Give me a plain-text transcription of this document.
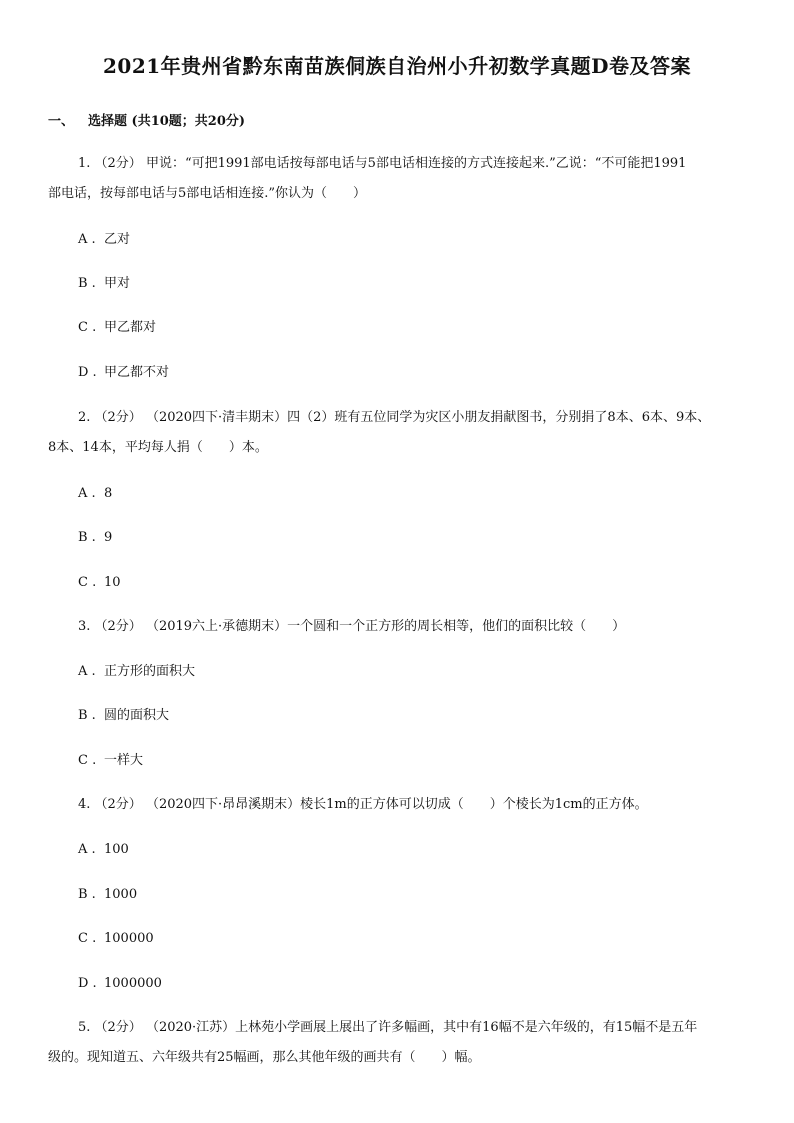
2021年贵州省黔东南苗族侗族自治州小升初数学真题D卷及答案
一、 选择题 (共10题；共20分)
1. （2分） 甲说：“可把1991部电话按每部电话与5部电话相连接的方式连接起来.”乙说：“不可能把1991
部电话，按每部电话与5部电话相连接.”你认为（　　）
A . 乙对
B . 甲对
C . 甲乙都对
D . 甲乙都不对
2. （2分） （2020四下·清丰期末）四（2）班有五位同学为灾区小朋友捐献图书，分别捐了8本、6本、9本、
8本、14本，平均每人捐（　　）本。
A . 8
B . 9
C . 10
3. （2分） （2019六上·承德期末）一个圆和一个正方形的周长相等，他们的面积比较（　　）
A . 正方形的面积大
B . 圆的面积大
C . 一样大
4. （2分） （2020四下·昂昂溪期末）棱长1m的正方体可以切成（　　）个棱长为1cm的正方体。
A . 100
B . 1000
C . 100000
D . 1000000
5. （2分） （2020·江苏）上林苑小学画展上展出了许多幅画，其中有16幅不是六年级的，有15幅不是五年
级的。现知道五、六年级共有25幅画，那么其他年级的画共有（　　）幅。
